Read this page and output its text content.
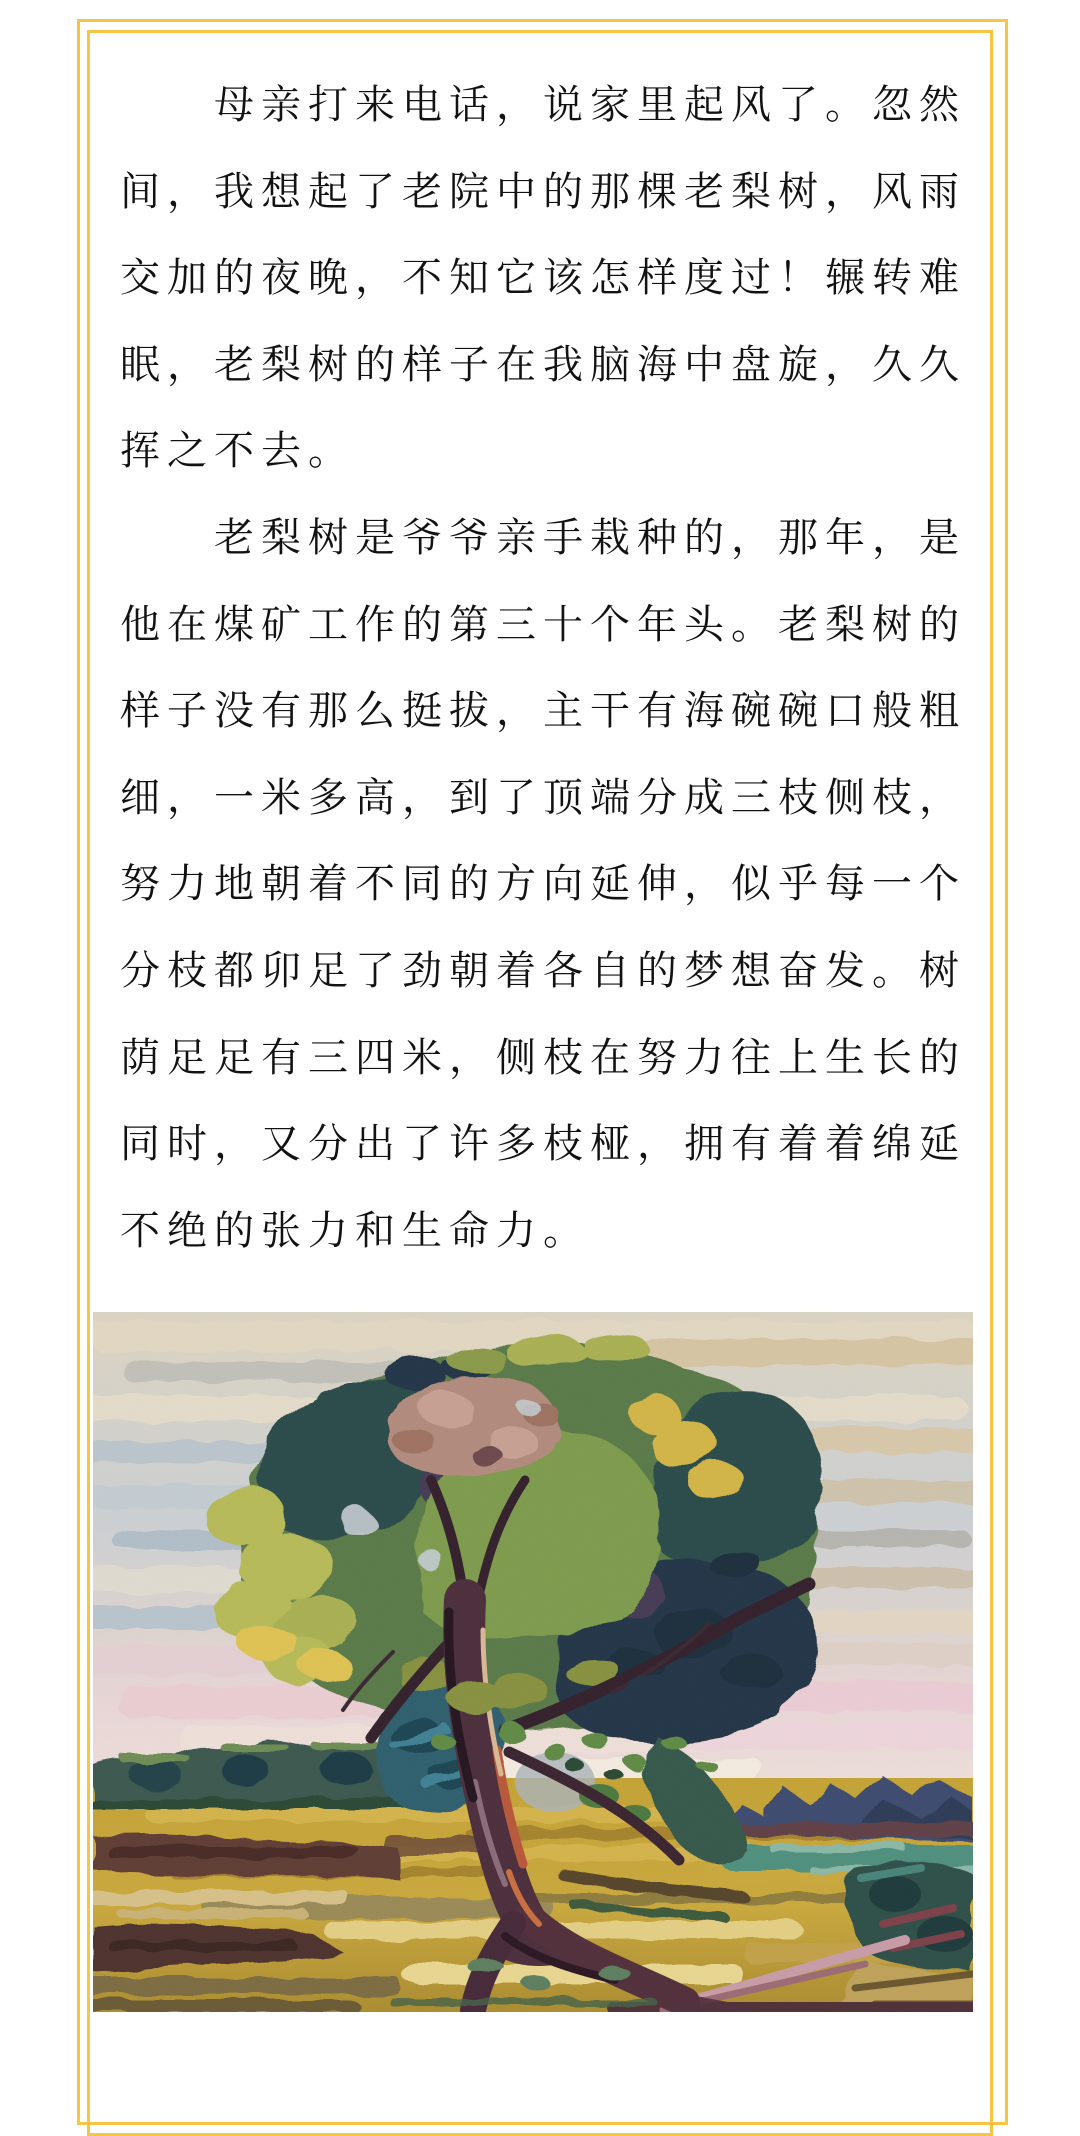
母亲打来电话，说家里起风了。忽然

间，我想起了老院中的那棵老梨树，风雨

交加的夜晚，不知它该怎样度过！辗转难

眠，老梨树的样子在我脑海中盘旋，久久

挥之不去。

老梨树是爷爷亲手栽种的，那年，是

他在煤矿工作的第三十个年头。老梨树的

样子没有那么挺拔，主干有海碗碗口般粗

细，一米多高，到了顶端分成三枝侧枝，

努力地朝着不同的方向延伸，似乎每一个

分枝都卯足了劲朝着各自的梦想奋发。树

荫足足有三四米，侧枝在努力往上生长的

同时，又分出了许多枝桠，拥有着着绵延

不绝的张力和生命力。
